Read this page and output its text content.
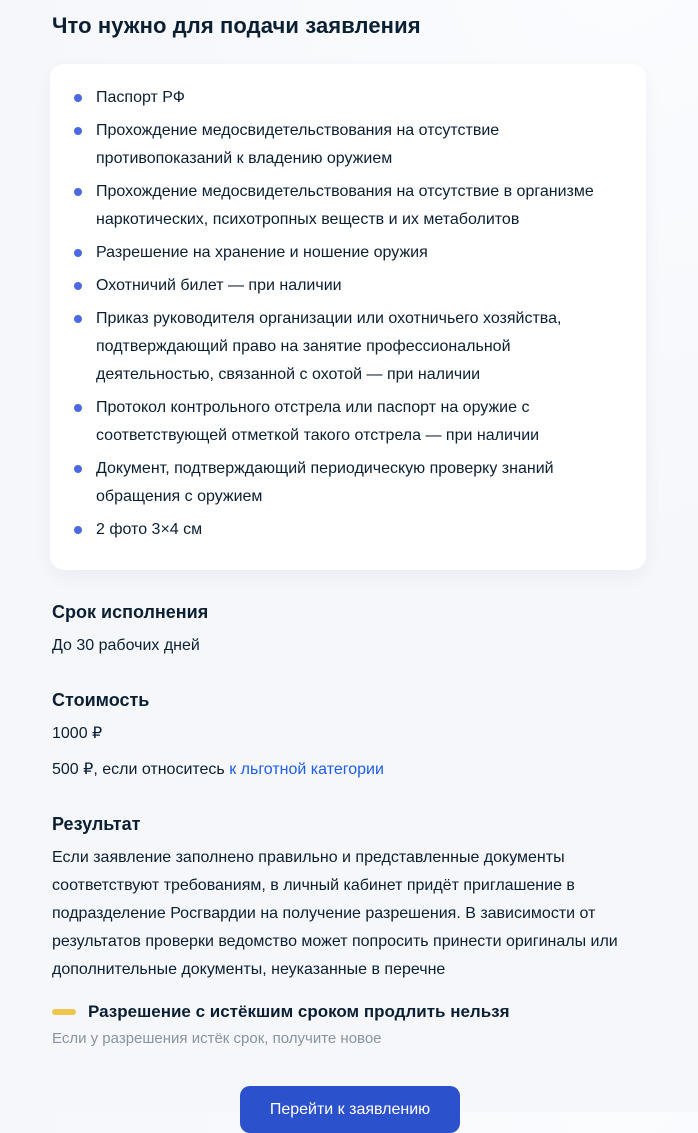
Что нужно для подачи заявления
Паспорт РФ
Прохождение медосвидетельствования на отсутствие противопоказаний к владению оружием
Прохождение медосвидетельствования на отсутствие в организме наркотических, психотропных веществ и их метаболитов
Разрешение на хранение и ношение оружия
Охотничий билет — при наличии
Приказ руководителя организации или охотничьего хозяйства, подтверждающий право на занятие профессиональной деятельностью, связанной с охотой — при наличии
Протокол контрольного отстрела или паспорт на оружие с соответствующей отметкой такого отстрела — при наличии
Документ, подтверждающий периодическую проверку знаний обращения с оружием
2 фото 3×4 см
Срок исполнения

До 30 рабочих дней

Стоимость

1000 ₽

500 ₽, если относитесь к льготной категории

Результат

Если заявление заполнено правильно и представленные документы соответствуют требованиям, в личный кабинет придёт приглашение в подразделение Росгвардии на получение разрешения. В зависимости от результатов проверки ведомство может попросить принести оригиналы или дополнительные документы, неуказанные в перечне

Разрешение с истёкшим сроком продлить нельзя
Если у разрешения истёк срок, получите новое
Перейти к заявлению
